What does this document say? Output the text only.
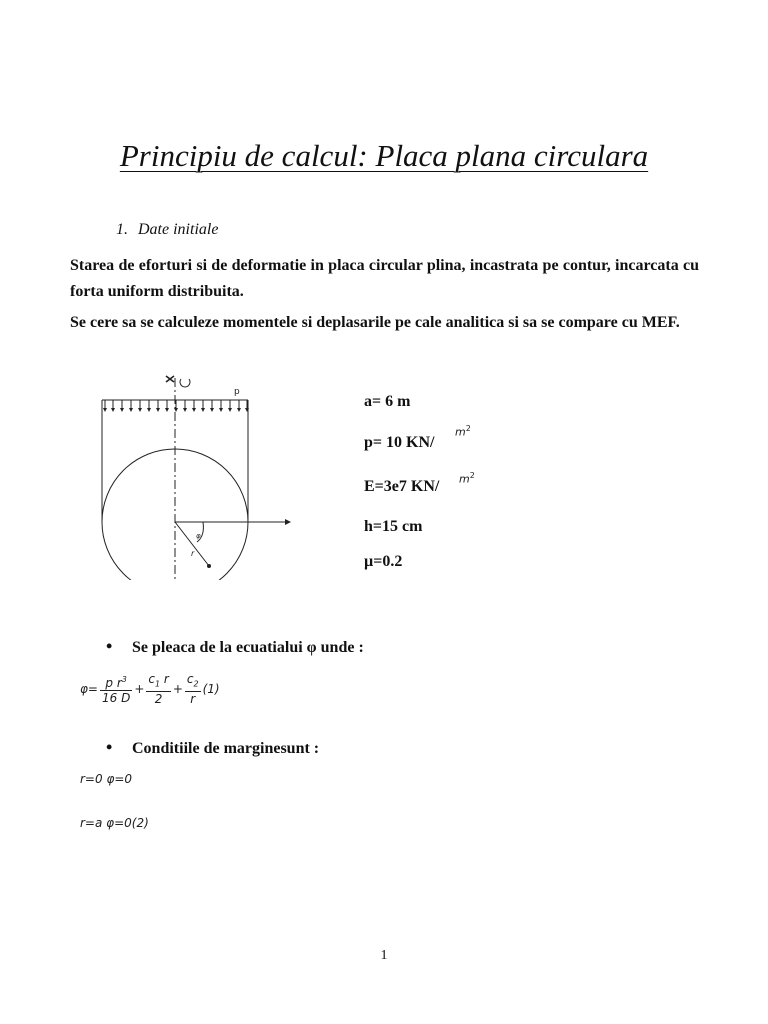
Principiu de calcul: Placa plana circulara
1. Date initiale
Starea de eforturi si de deformatie in placa circular plina, incastrata pe contur, incarcata cu forta uniform distribuita.
Se cere sa se calculeze momentele si deplasarile pe cale analitica si sa se compare cu MEF.
p
φ
r
a= 6 m
p= 10 KN/
$m^2$
E=3e7 KN/ $m^2$
h=15 cm
µ=0.2
• Se pleaca de la ecuatialui φ unde :
$\varphi= \frac{p r^3}{16 D} + \frac{c_1 r}{2} + \frac{c_2}{r} (1)$
• Conditiile de marginesunt :
r=0 φ=0
r=a φ=0(2)
1
